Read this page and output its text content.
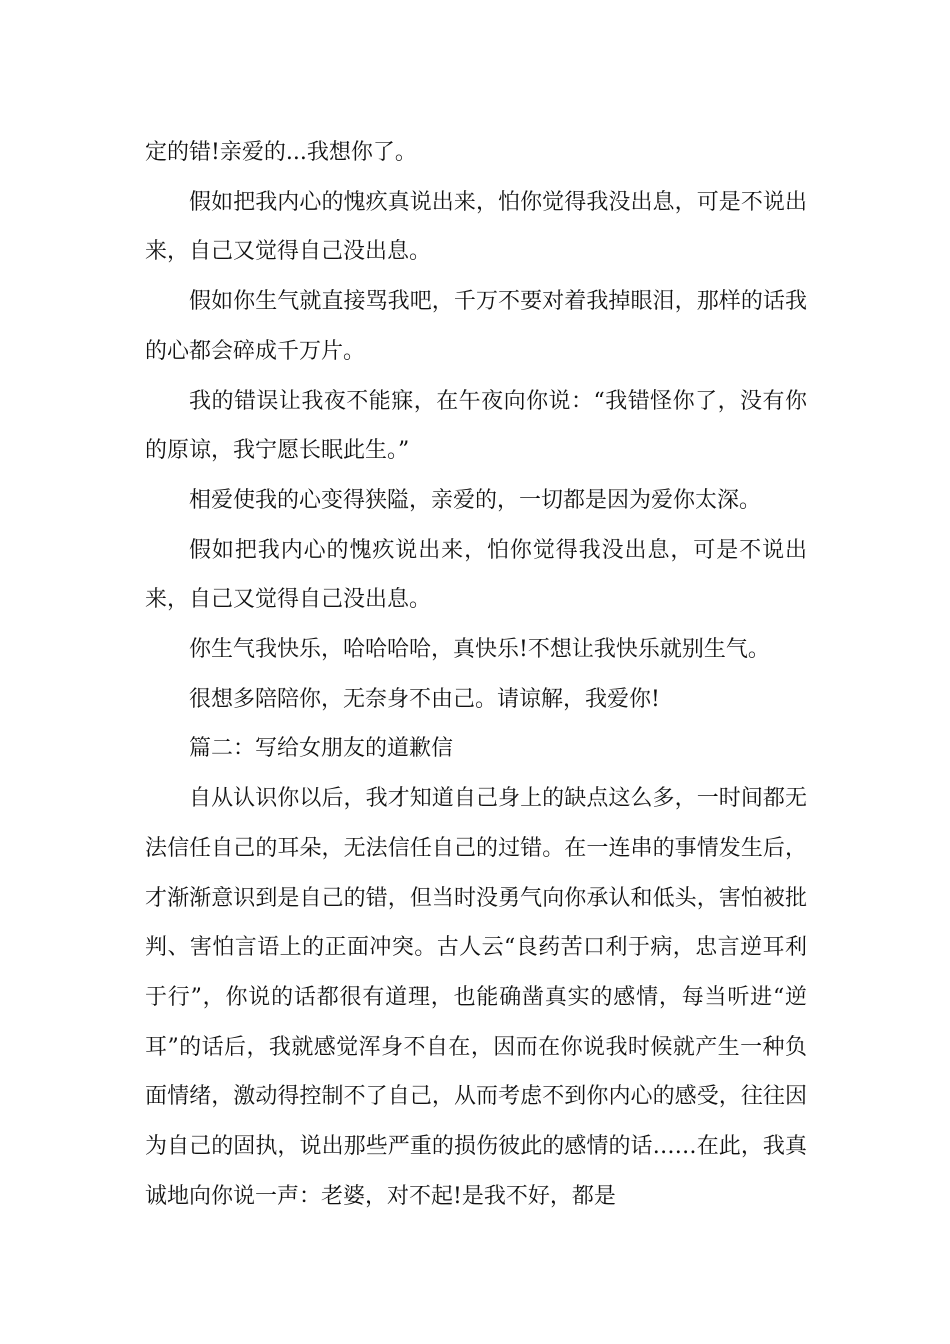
定的错!亲爱的...我想你了。

假如把我内心的愧疚真说出来，怕你觉得我没出息，可是不说出来，自己又觉得自己没出息。

假如你生气就直接骂我吧，千万不要对着我掉眼泪，那样的话我的心都会碎成千万片。

我的错误让我夜不能寐，在午夜向你说：“我错怪你了，没有你的原谅，我宁愿长眠此生。”

相爱使我的心变得狭隘，亲爱的，一切都是因为爱你太深。

假如把我内心的愧疚说出来，怕你觉得我没出息，可是不说出来，自己又觉得自己没出息。

你生气我快乐，哈哈哈哈，真快乐!不想让我快乐就别生气。

很想多陪陪你，无奈身不由己。请谅解，我爱你!

篇二：写给女朋友的道歉信

自从认识你以后，我才知道自己身上的缺点这么多，一时间都无法信任自己的耳朵，无法信任自己的过错。在一连串的事情发生后，才渐渐意识到是自己的错，但当时没勇气向你承认和低头，害怕被批判、害怕言语上的正面冲突。古人云“良药苦口利于病，忠言逆耳利于行”，你说的话都很有道理，也能确凿真实的感情，每当听进“逆耳”的话后，我就感觉浑身不自在，因而在你说我时候就产生一种负面情绪，激动得控制不了自己，从而考虑不到你内心的感受，往往因为自己的固执，说出那些严重的损伤彼此的感情的话……在此，我真诚地向你说一声：老婆，对不起!是我不好，都是
